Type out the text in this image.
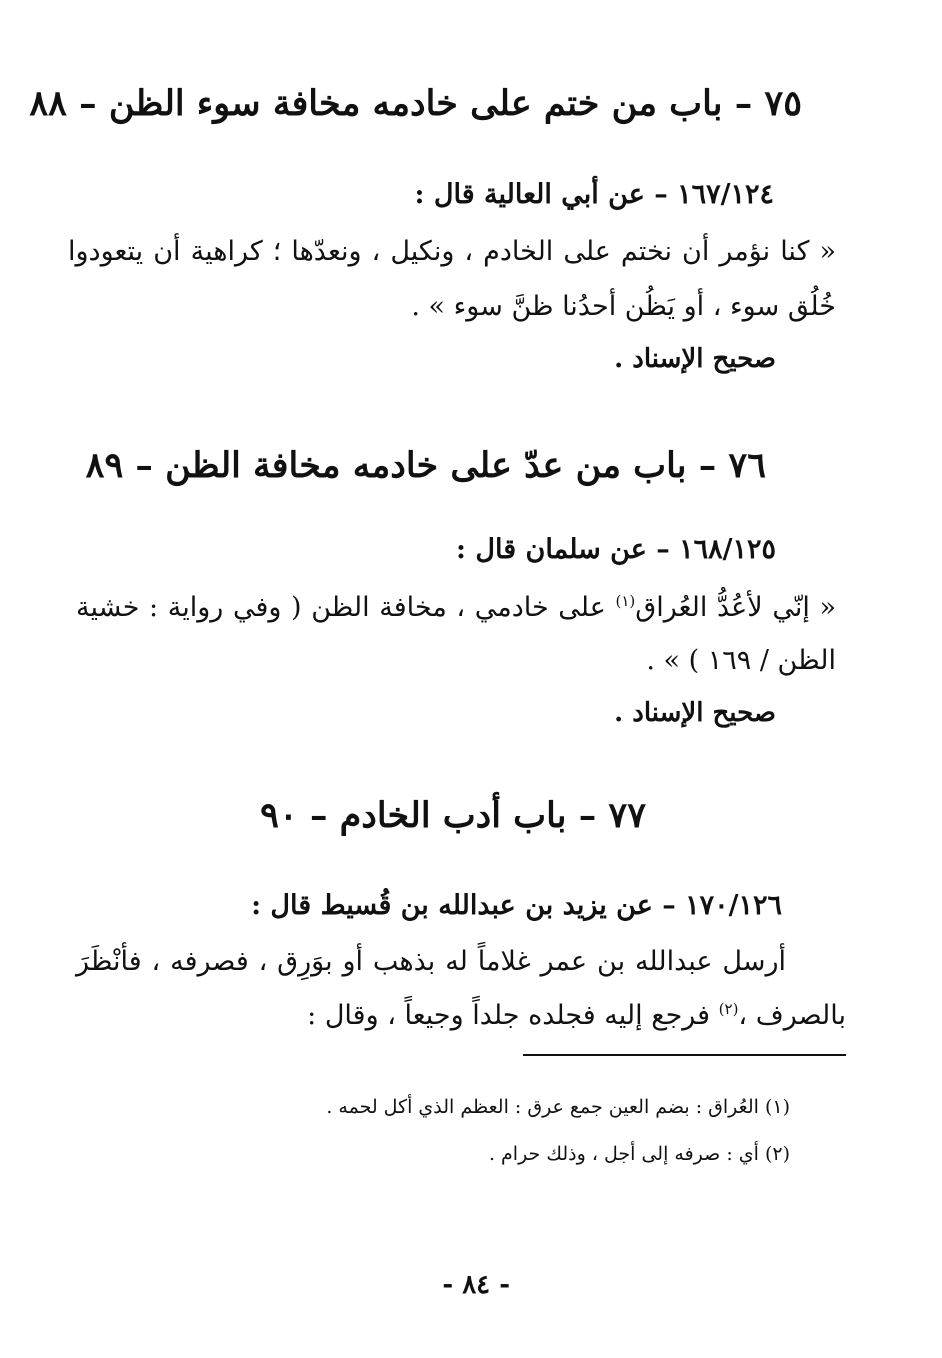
٧٥ – باب من ختم على خادمه مخافة سوء الظن – ٨٨
١٦٧/١٢٤ – عن أبي العالية قال :
« كنا نؤمر أن نختم على الخادم ، ونكيل ، ونعدّها ؛ كراهية أن يتعودوا
خُلُق سوء ، أو يَظُن أحدُنا ظنَّ سوء » .
صحيح الإسناد .
٧٦ – باب من عدّ على خادمه مخافة الظن – ٨٩
١٦٨/١٢٥ – عن سلمان قال :
« إنّي لأعُدُّ العُراق$^{(١)}$ على خادمي ، مخافة الظن ( وفي رواية : خشية
الظن / ١٦٩ ) » .
صحيح الإسناد .
٧٧ – باب أدب الخادم – ٩٠
١٧٠/١٢٦ – عن يزيد بن عبدالله بن قُسيط قال :
أرسل عبدالله بن عمر غلاماً له بذهب أو بوَرِق ، فصرفه ، فأنْظَرَ
بالصرف ،$^{(٢)}$ فرجع إليه فجلده جلداً وجيعاً ، وقال :
(١) العُراق : بضم العين جمع عرق : العظم الذي أكل لحمه .
(٢) أي : صرفه إلى أجل ، وذلك حرام .
- ٨٤ -
